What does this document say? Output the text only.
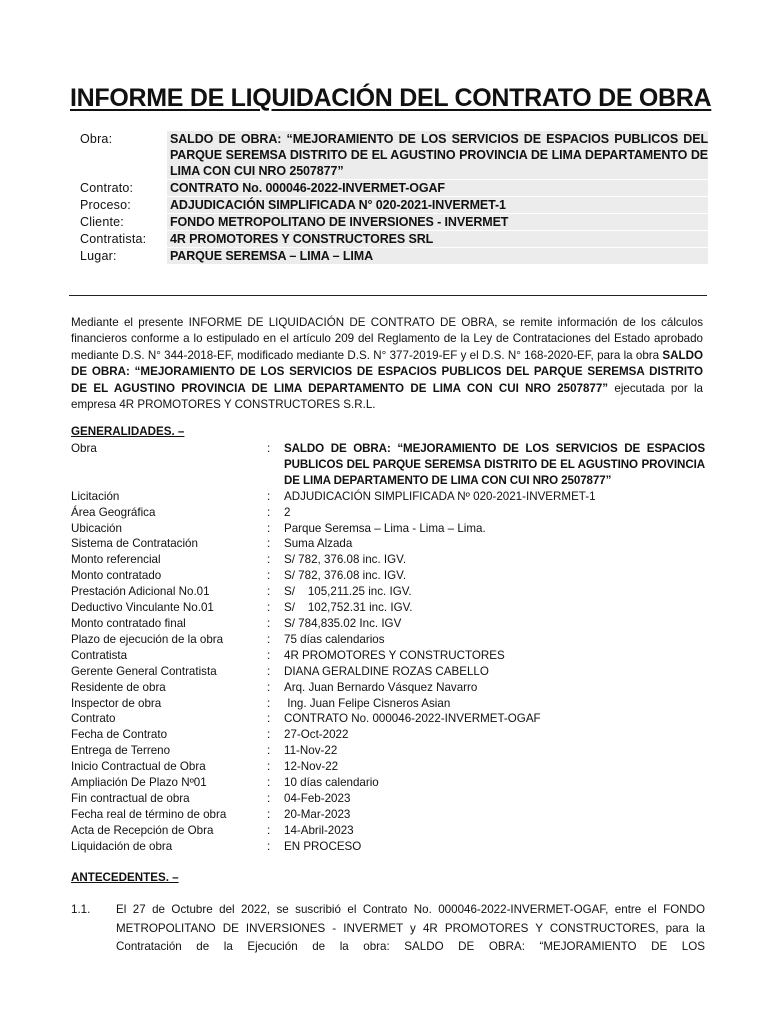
INFORME DE LIQUIDACIÓN DEL CONTRATO DE OBRA
Obra:	SALDO DE OBRA: “MEJORAMIENTO DE LOS SERVICIOS DE ESPACIOS PUBLICOS DEL PARQUE SEREMSA DISTRITO DE EL AGUSTINO PROVINCIA DE LIMA DEPARTAMENTO DE LIMA CON CUI NRO 2507877”
Contrato:	CONTRATO No. 000046-2022-INVERMET-OGAF
Proceso:	ADJUDICACIÓN SIMPLIFICADA N° 020-2021-INVERMET-1
Cliente:	FONDO METROPOLITANO DE INVERSIONES - INVERMET
Contratista:	4R PROMOTORES Y CONSTRUCTORES SRL
Lugar:	PARQUE SEREMSA – LIMA – LIMA
Mediante el presente INFORME DE LIQUIDACIÓN DE CONTRATO DE OBRA, se remite información de los cálculos financieros conforme a lo estipulado en el artículo 209 del Reglamento de la Ley de Contrataciones del Estado aprobado mediante D.S. N° 344-2018-EF, modificado mediante D.S. N° 377-2019-EF y el D.S. N° 168-2020-EF, para la obra SALDO DE OBRA: “MEJORAMIENTO DE LOS SERVICIOS DE ESPACIOS PUBLICOS DEL PARQUE SEREMSA DISTRITO DE EL AGUSTINO PROVINCIA DE LIMA DEPARTAMENTO DE LIMA CON CUI NRO 2507877” ejecutada por la empresa 4R PROMOTORES Y CONSTRUCTORES S.R.L.
GENERALIDADES. –
Obra	:	SALDO DE OBRA: “MEJORAMIENTO DE LOS SERVICIOS DE ESPACIOS PUBLICOS DEL PARQUE SEREMSA DISTRITO DE EL AGUSTINO PROVINCIA DE LIMA DEPARTAMENTO DE LIMA CON CUI NRO 2507877”
Licitación	:	ADJUDICACIÓN SIMPLIFICADA Nº 020-2021-INVERMET-1
Área Geográfica	:	2
Ubicación	:	Parque Seremsa – Lima - Lima – Lima.
Sistema de Contratación	:	Suma Alzada
Monto referencial	:	S/ 782, 376.08 inc. IGV.
Monto contratado	:	S/ 782, 376.08 inc. IGV.
Prestación Adicional No.01	:	S/    105,211.25 inc. IGV.
Deductivo Vinculante No.01	:	S/    102,752.31 inc. IGV.
Monto contratado final	:	S/ 784,835.02 Inc. IGV
Plazo de ejecución de la obra	:	75 días calendarios
Contratista	:	4R PROMOTORES Y CONSTRUCTORES
Gerente General Contratista	:	DIANA GERALDINE ROZAS CABELLO
Residente de obra	:	Arq. Juan Bernardo Vásquez Navarro
Inspector de obra	:	Ing. Juan Felipe Cisneros Asian
Contrato	:	CONTRATO No. 000046-2022-INVERMET-OGAF
Fecha de Contrato	:	27-Oct-2022
Entrega de Terreno	:	11-Nov-22
Inicio Contractual de Obra	:	12-Nov-22
Ampliación De Plazo Nº01	:	10 días calendario
Fin contractual de obra	:	04-Feb-2023
Fecha real de término de obra	:	20-Mar-2023
Acta de Recepción de Obra	:	14-Abril-2023
Liquidación de obra	:	EN PROCESO
ANTECEDENTES. –
1.1.	El 27 de Octubre del 2022, se suscribió el Contrato No. 000046-2022-INVERMET-OGAF, entre el FONDO METROPOLITANO DE INVERSIONES - INVERMET y 4R PROMOTORES Y CONSTRUCTORES, para la Contratación de la Ejecución de la obra: SALDO DE OBRA: “MEJORAMIENTO DE LOS
